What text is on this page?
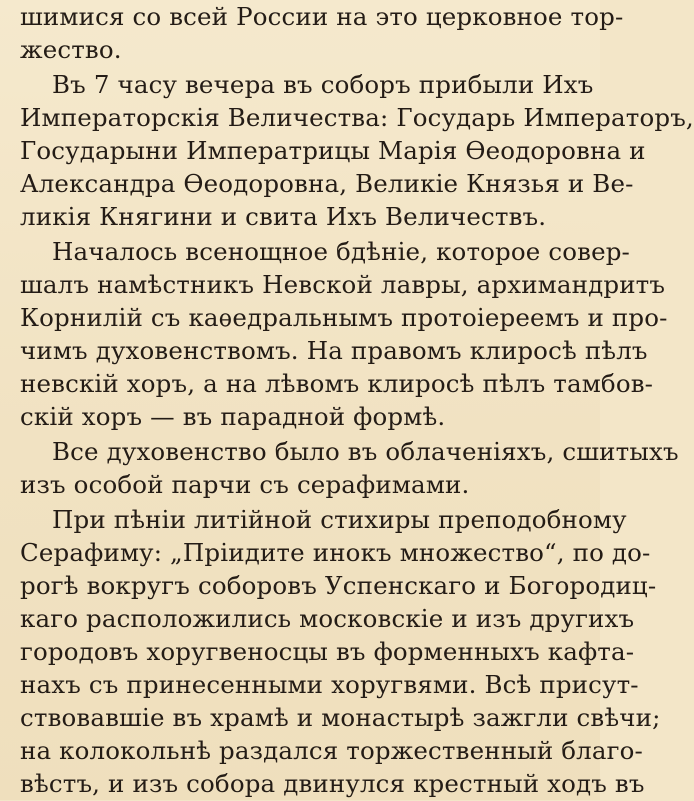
шимися со всей России на это церковное тор-
жество.
Въ 7 часу вечера въ соборъ прибыли Ихъ
Императорскія Величества: Государь Императоръ,
Государыни Императрицы Марія Ѳеодоровна и
Александра Ѳеодоровна, Великіе Князья и Ве-
ликія Княгини и свита Ихъ Величествъ.
Началось всенощное бдѣніе, которое совер-
шалъ намѣстникъ Невской лавры, архимандритъ
Корнилій съ каѳедральнымъ протоіереемъ и про-
чимъ духовенствомъ. На правомъ клиросѣ пѣлъ
невскій хоръ, а на лѣвомъ клиросѣ пѣлъ тамбов-
скій хоръ — въ парадной формѣ.
Все духовенство было въ облаченіяхъ, сшитыхъ
изъ особой парчи съ серафимами.
При пѣніи литійной стихиры преподобному
Серафиму: „Пріидите инокъ множество“, по до-
рогѣ вокругъ соборовъ Успенскаго и Богородиц-
каго расположились московскіе и изъ другихъ
городовъ хоругвеносцы въ форменныхъ кафта-
нахъ съ принесенными хоругвями. Всѣ присут-
ствовавшіе въ храмѣ и монастырѣ зажгли свѣчи;
на колокольнѣ раздался торжественный благо-
вѣстъ, и изъ собора двинулся крестный ходъ въ
